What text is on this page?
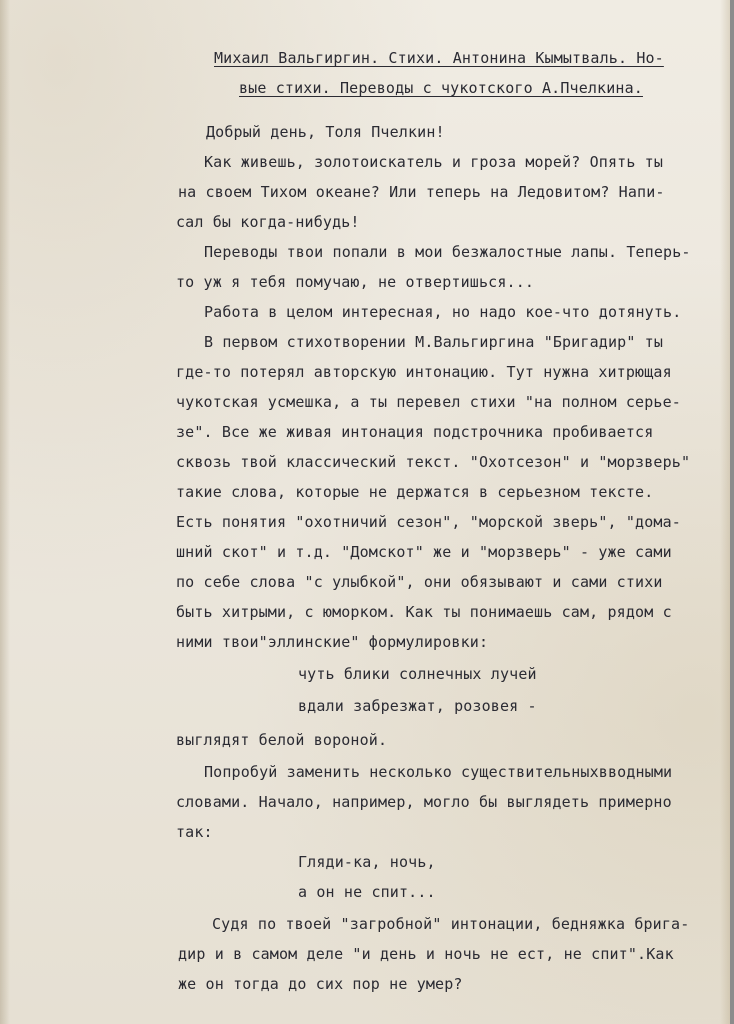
Михаил Вальгиргин. Стихи. Антонина Кымытваль. Но-

вые стихи. Переводы с чукотского А.Пчелкина.

Добрый день, Толя Пчелкин!

Как живешь, золотоискатель и гроза морей? Опять ты

на своем Тихом океане? Или теперь на Ледовитом? Напи-

сал бы когда-нибудь!

Переводы твои попали в мои безжалостные лапы. Теперь-

то уж я тебя помучаю, не отвертишься...

Работа в целом интересная, но надо кое-что дотянуть.

В первом стихотворении М.Вальгиргина "Бригадир" ты

где-то потерял авторскую интонацию. Тут нужна хитрющая

чукотская усмешка, а ты перевел стихи "на полном серье-

зе". Все же живая интонация подстрочника пробивается

сквозь твой классический текст. "Охотсезон" и "морзверь"

такие слова, которые не держатся в серьезном тексте.

Есть понятия "охотничий сезон", "морской зверь", "дома-

шний скот" и т.д. "Домскот" же и "морзверь" - уже сами

по себе слова "с улыбкой", они обязывают и сами стихи

быть хитрыми, с юморком. Как ты понимаешь сам, рядом с

ними твои"эллинские" формулировки:

чуть блики солнечных лучей

вдали забрезжат, розовея -

выглядят белой вороной.

Попробуй заменить несколько существительныхвводными

словами. Начало, например, могло бы выглядеть примерно

так:

Гляди-ка, ночь,

а он не спит...

Судя по твоей "загробной" интонации, бедняжка брига-

дир и в самом деле "и день и ночь не ест, не спит".Как

же он тогда до сих пор не умер?
